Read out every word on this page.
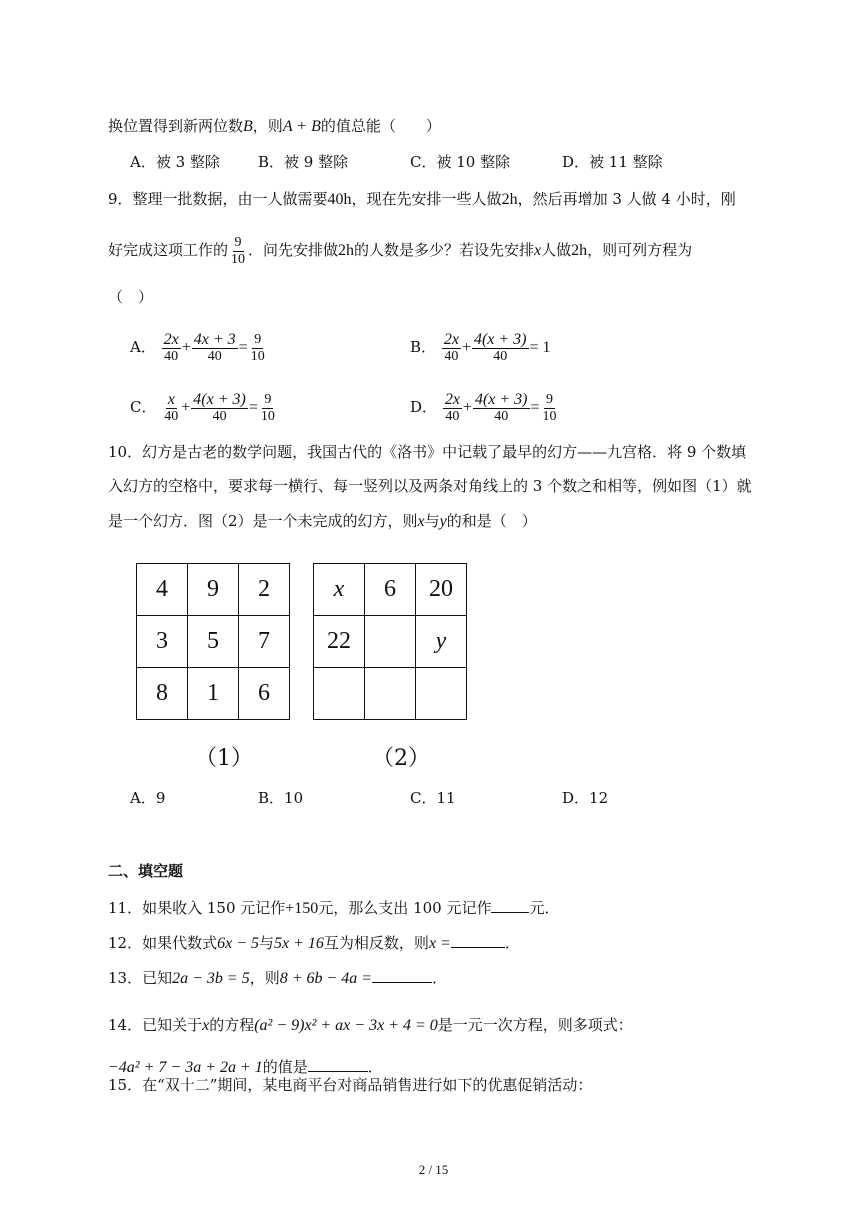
换位置得到新两位数B，则A + B的值总能（　　）
A．被 3 整除	B．被 9 整除	C．被 10 整除	D．被 11 整除
9．整理一批数据，由一人做需要40h，现在先安排一些人做2h，然后再增加 3 人做 4 小时，刚
好完成这项工作的 $\frac{9}{10}$ ．问先安排做2h的人数是多少？若设先安排x人做2h，则可列方程为
（　）
A． $\frac{2x}{40} + \frac{4x + 3}{40} = \frac{9}{10}$	B． $\frac{2x}{40} + \frac{4(x + 3)}{40} = 1$
C． $\frac{x}{40} + \frac{4(x + 3)}{40} = \frac{9}{10}$	D． $\frac{2x}{40} + \frac{4(x + 3)}{40} = \frac{9}{10}$
10．幻方是古老的数学问题，我国古代的《洛书》中记载了最早的幻方——九宫格．将 9 个数填
入幻方的空格中，要求每一横行、每一竖列以及两条对角线上的 3 个数之和相等，例如图（1）就
是一个幻方．图（2）是一个未完成的幻方，则x与y的和是（　）
4	9	2
3	5	7
8	1	6
x	6	20
22		y

（1）	（2）
A．9	B．10	C．11	D．12
二、填空题
11．如果收入 150 元记作+150元，那么支出 100 元记作	元．
12．如果代数式6x − 5与5x + 16互为相反数，则x =	．
13．已知2a − 3b = 5，则8 + 6b − 4a =	．
14．已知关于x的方程(a² − 9)x² + ax − 3x + 4 = 0是一元一次方程，则多项式：
−4a² + 7 − 3a + 2a + 1的值是	．
15．在“双十二”期间，某电商平台对商品销售进行如下的优惠促销活动：
2 / 15
